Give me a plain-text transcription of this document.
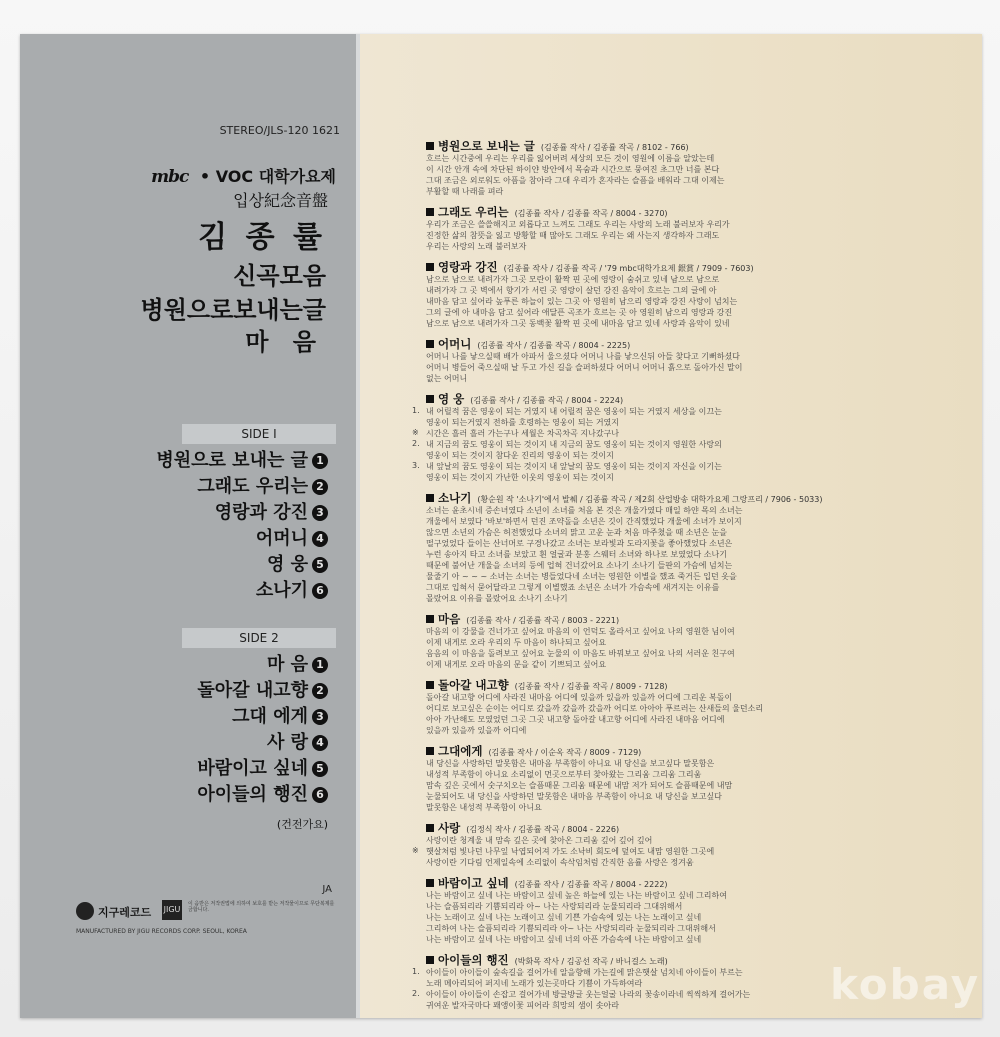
STEREO/JLS-120 1621
mbc • VOC 대학가요제
입상紀念音盤
김 종 률
신곡모음
병원으로보내는글
마 음
SIDE I
병원으로 보내는 글 1
그래도 우리는 2
영랑과 강진 3
어머니 4
영 웅 5
소나기 6
SIDE 2
마 음 1
돌아갈 내고향 2
그대 에게 3
사 랑 4
바람이고 싶네 5
아이들의 행진 6
(건전가요)
JA
지구레코드 JIGU
이 음반은 저작권법에 의하여 보호를 받는 저작물이므로 무단복제를 금합니다.
MANUFACTURED BY JIGU RECORDS CORP. SEOUL, KOREA
병원으로 보내는 글 (김종률 작사 / 김종률 작곡 / 8102 - 766)
흐르는 시간중에 우리는 우리를 잃어버려 세상의 모든 것이 영원에 이름을 알았는데
이 시간 안개 속에 차단된 하이얀 방안에서 목숨과 시간으로 뭉여진 초그만 너를 본다
그대 조금은 외로워도 아픔을 참아라 그대 우리가 혼자라는 슬픔을 배워라 그대 이제는
부활할 때 나래를 펴라
그래도 우리는 (김종률 작사 / 김종률 작곡 / 8004 - 3270)
우리가 조금은 쓸쓸해지고 외롭다고 느껴도 그래도 우리는 사랑의 노래 불러보자 우리가
진정한 삶의 참뜻을 잃고 방황할 때 많아도 그래도 우리는 왜 사는지 생각하자 그래도
우리는 사랑의 노래 불러보자
영랑과 강진 (김종률 작사 / 김종률 작곡 / '79 mbc대학가요제 銀賞 / 7909 - 7603)
남으로 남으로 내려가자 그곳 모란이 활짝 핀 곳에 영랑이 숨쉬고 있네 남으로 남으로
내려가자 그 곳 벽에서 향기가 서린 곳 영랑이 살던 강진 음악이 흐르는 그의 글에 아
내마음 담고 싶어라 높푸른 하늘이 있는 그곳 아 영원히 남으리 영랑과 강진 사랑이 넘치는
그의 글에 아 내마음 담고 싶어라 애달픈 곡조가 흐르는 곳 아 영원히 남으리 영랑과 강진
남으로 남으로 내려가자 그곳 동백꽃 활짝 핀 곳에 내마음 담고 있네 사랑과 음악이 있네
어머니 (김종률 작사 / 김종률 작곡 / 8004 - 2225)
어머니 나를 낳으실때 배가 아파서 울으셨다 어머니 나를 낳으신뒤 아들 찾다고 기뻐하셨다
어머니 병들어 죽으실때 날 두고 가신 길을 슬퍼하셨다 어머니 어머니 흙으로 돌아가신 말이
없는 어머니
영 웅 (김종률 작사 / 김종률 작곡 / 8004 - 2224)
1. 내 어릴적 꿈은 영웅이 되는 거였지 내 어릴적 꿈은 영웅이 되는 거였지 세상을 이끄는
영웅이 되는거였지 전하를 호령하는 영웅이 되는 거였지
※ 시간은 흘러 흘러 가는구나 세월은 차곡차곡 지나갔구나
2. 내 지금의 꿈도 영웅이 되는 것이지 내 지금의 꿈도 영웅이 되는 것이지 영원한 사랑의
영웅이 되는 것이지 참다운 진리의 영웅이 되는 것이지
3. 내 앞날의 꿈도 영웅이 되는 것이지 내 앞날의 꿈도 영웅이 되는 것이지 자신을 이기는
영웅이 되는 것이지 가난한 이웃의 영웅이 되는 것이지
소나기 (황순원 작 '소나기'에서 발췌 / 김종률 작곡 / 제2회 산업방송 대학가요제 그랑프리 / 7906 - 5033)
소녀는 윤초시네 증손녀였다 소년이 소녀를 처음 본 것은 개울가였다 매일 하얀 목의 소녀는
개울에서 보였다 '바보'하면서 던진 조약돌을 소년은 깃이 간직했었다 개울에 소녀가 보이지
않으면 소년의 가슴은 허전했었다 소녀의 맑고 고운 눈과 처음 마주쳤을 때 소년은 눈을
떨구었었다 들이는 산너머로 구경나갔고 소녀는 보라빛과 도라지꽃을 좋아했었다 소년은
누런 송아지 타고 소녀를 보았고 흰 얼굴과 분홍 스웨터 소녀와 하나로 보였었다 소나기
때문에 불어난 개울을 소녀의 등에 업혀 건너갔어요 소나기 소나기 들판의 가슴에 넘치는
물줄기 아 ~ ~ ~ 소녀는 소녀는 병들었다네 소녀는 영원한 이별을 했죠 죽거든 입던 옷을
그대로 입혀서 묻어달라고 그렇게 이별했죠 소년은 소녀가 가슴속에 새겨지는 이유를
몰랐어요 이유를 몰랐어요 소나기 소나기
마음 (김종률 작사 / 김종률 작곡 / 8003 - 2221)
마음의 이 강물을 건너가고 싶어요 마음의 이 언덕도 올라서고 싶어요 나의 영원한 님이여
이제 내게로 오라 우리의 두 마음이 하나되고 싶어요
음음의 이 마음을 돌려보고 싶어요 눈물의 이 마음도 바꿔보고 싶어요 나의 서러운 친구여
이제 내게로 오라 마음의 문을 같이 기쁘되고 싶어요
돌아갈 내고향 (김종률 작사 / 김종률 작곡 / 8009 - 7128)
돌아갈 내고향 어디에 사라진 내마음 어디에 있을까 있을까 있을까 어디에 그리운 복돌이
어디로 보고싶은 순이는 어디로 갔을까 갔을까 갔을까 어디로 아아아 푸르러는 산새들의 울던소리
아아 가난해도 모였었던 그곳 그곳 내고향 돌아갈 내고향 어디에 사라진 내마음 어디에
있을까 있을까 있을까 어디에
그대에게 (김종률 작사 / 이순옥 작곡 / 8009 - 7129)
내 당신을 사랑하던 말못함은 내마음 부족함이 아니요 내 당신을 보고싶다 말못함은
내성적 부족함이 아니요 소리없이 먼곳으로부터 찾아왔는 그리움 그리움 그리움
맘속 깊은 곳에서 숫구치오는 슬픔때문 그리움 때문에 내맘 저가 되어도 슬픔때문에 내맘
눈물되어도 내 당신을 사랑하던 말못함은 내마음 부족함이 아니요 내 당신을 보고싶다
말못함은 내성적 부족함이 아니요
사랑 (김정식 작사 / 김종률 작곡 / 8004 - 2226)
사랑이란 청계울 내 맘속 깊은 곳에 찾아온 그리움 깊어 깊어 깊어
※ 햇살처럼 빛나던 나무잎 낙엽되어져 가도 소낙비 회도에 덮여도 내맘 영원한 그곳에
사랑이란 기다림 언제일속에 소리없이 속삭임처럼 간직한 음률 사랑은 정겨움
바람이고 싶네 (김종률 작사 / 김종률 작곡 / 8004 - 2222)
나는 바람이고 싶네 나는 바람이고 싶네 높은 하늘에 있는 나는 바람이고 싶네 그리하여
나는 슬픔되리라 기쁨되리라 아~ 나는 사랑되리라 눈물되리라 그대위해서
나는 노래이고 싶네 나는 노래이고 싶네 기쁜 가슴속에 있는 나는 노래이고 싶네
그리하여 나는 슬픔되리라 기쁨되리라 아~ 나는 사랑되리라 눈물되리라 그대위해서
나는 바람이고 싶네 나는 바람이고 싶네 너의 아픈 가슴속에 나는 바람이고 싶네
아이들의 행진 (박화목 작사 / 김공선 작곡 / 바니걸스 노래)
1. 아이들이 아이들이 숲속길을 걸어가네 알을향해 가는길에 맑은햇살 넘치네 아이들이 부르는
노래 메아리되어 퍼지네 노래가 있는곳마다 기쁨이 가득하여라
2. 아이들이 아이들이 손잡고 걸어가네 방글방글 웃는얼굴 나라의 꽃송이라네 씩씩하게 걸어가는
귀여운 발자국마다 꽤앵이꽃 피어라 희망의 샘이 솟아라	kobay
